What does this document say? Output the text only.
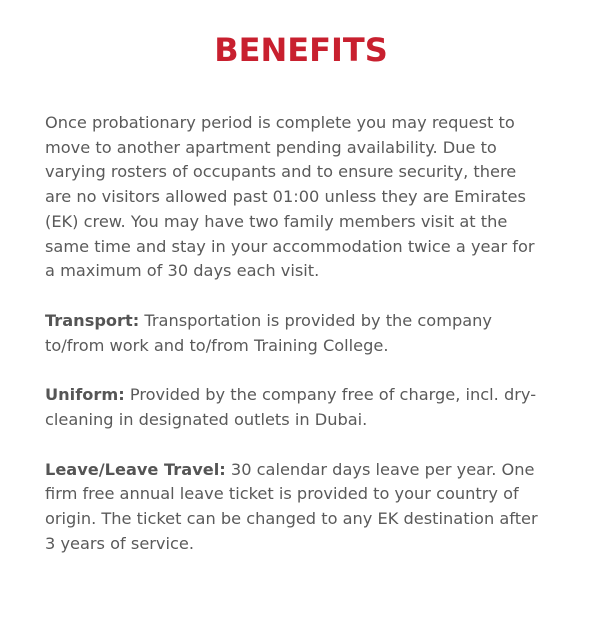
BENEFITS

Once probationary period is complete you may request to
move to another apartment pending availability. Due to
varying rosters of occupants and to ensure security, there
are no visitors allowed past 01:00 unless they are Emirates
(EK) crew. You may have two family members visit at the
same time and stay in your accommodation twice a year for
a maximum of 30 days each visit.

Transport: Transportation is provided by the company
to/from work and to/from Training College.

Uniform: Provided by the company free of charge, incl. dry-
cleaning in designated outlets in Dubai.

Leave/Leave Travel: 30 calendar days leave per year. One
firm free annual leave ticket is provided to your country of
origin. The ticket can be changed to any EK destination after
3 years of service.
